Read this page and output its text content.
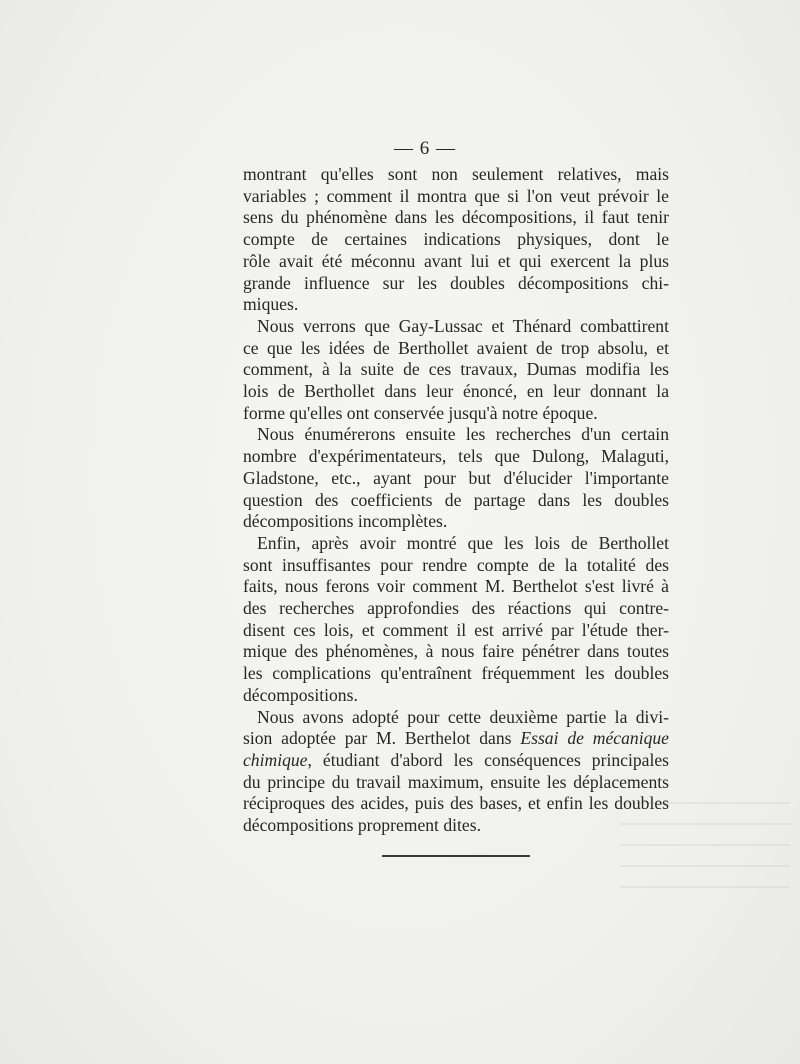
— 6 —
montrant qu'elles sont non seulement relatives, mais
variables ; comment il montra que si l'on veut prévoir le
sens du phénomène dans les décompositions, il faut tenir
compte de certaines indications physiques, dont le
rôle avait été méconnu avant lui et qui exercent la plus
grande influence sur les doubles décompositions chi-
miques.
Nous verrons que Gay-Lussac et Thénard combattirent
ce que les idées de Berthollet avaient de trop absolu, et
comment, à la suite de ces travaux, Dumas modifia les
lois de Berthollet dans leur énoncé, en leur donnant la
forme qu'elles ont conservée jusqu'à notre époque.
Nous énumérerons ensuite les recherches d'un certain
nombre d'expérimentateurs, tels que Dulong, Malaguti,
Gladstone, etc., ayant pour but d'élucider l'importante
question des coefficients de partage dans les doubles
décompositions incomplètes.
Enfin, après avoir montré que les lois de Berthollet
sont insuffisantes pour rendre compte de la totalité des
faits, nous ferons voir comment M. Berthelot s'est livré à
des recherches approfondies des réactions qui contre-
disent ces lois, et comment il est arrivé par l'étude ther-
mique des phénomènes, à nous faire pénétrer dans toutes
les complications qu'entraînent fréquemment les doubles
décompositions.
Nous avons adopté pour cette deuxième partie la divi-
sion adoptée par M. Berthelot dans Essai de mécanique
chimique, étudiant d'abord les conséquences principales
du principe du travail maximum, ensuite les déplacements
réciproques des acides, puis des bases, et enfin les doubles
décompositions proprement dites.
